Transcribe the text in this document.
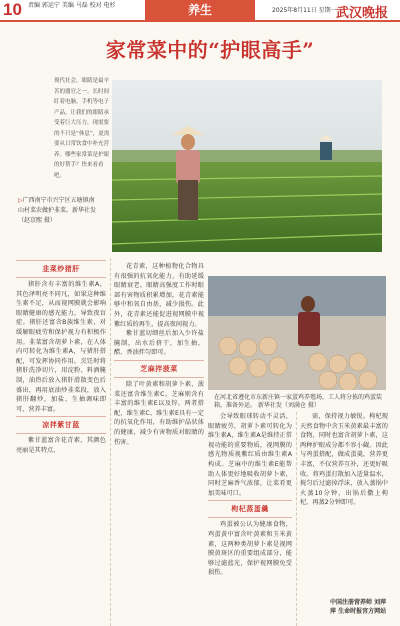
10 责编 郭运宁 美编 马磊 校对 电杉	养生	2025年8月11日 星期一 武汉晚报
家常菜中的“护眼高手”
现代社会，眼睛是最辛苦的器官之一。长时间盯着电脑、手机等电子产品，让我们的眼睛承受着巨大压力，现需要的不只是“休息”，更需要从日常饮食中补充营养。哪些家常菜是护眼的好帮手？快来看看吧。
▷广西南宁市兴宁区五塘镇南山村菜农做护韭菜。新华社发（赵京熙 摄）
韭菜炒猪肝

猪肝含有丰富的维生素A，其色泽明亮不同凡，如果这种维生素不足，从而视网膜就会影响眼睛健康的感光能力，导致夜盲症。猪肝还富含B族维生素，对缓解眼疲劳和保护视力有积极作用。韭菜富含胡萝卜素，在人体内可转化为维生素A，与猪肝搭配，可发挥协同作用。烹饪时将猪肝洗净切片，用淀粉、料酒腌制，油热后放入猪肝滑散变色后盛出，再用底油炒韭菜段，放入猪肝翻炒，加盐、生抽调味即可，营养丰富。

凉拌紫甘蓝

紫甘蓝富含花青素，其颜色亮丽是其特点，

花青素，这种植物化合物具有很强的抗氧化能力，有助延缓眼睛衰老。眼睛高强度工作时眼部有害物质积累增加，花青素能够中和氧自由基，减少损伤。此外，花青素还能促进视网膜中视紫红质的再生，提高夜间视力。

紫甘蓝切细丝后加入少许盐腌制，出水后挤干，加生抽、醋、香油拌匀即可。

芝麻拌菠菜

除了叶黄素和胡萝卜素，菠菜还富含维生素C。芝麻则含有丰富的维生素E以及锌。两者搭配，维生素C、维生素E具有一定的抗氧化作用，有助维护晶状体的健康，减少有害物质对眼睛的伤害。

在河北省遵化市东新庄镇一家蛋鸡养殖场，工人将分拣的鸡蛋装箱，准备外运。 新华社发（刘满仓 摄）

会导致眼球转动不灵活，眼睛疲劳，胡萝卜素可转化为维生素A，维生素A是维持正常视功能的重要物质，视网膜的感光物质视紫红质由维生素A构成。芝麻中的维生素E能帮助人体更好地吸收胡萝卜素，同时芝麻香气浓郁，让菜肴更加美味可口。

枸杞蒸蛋羹

鸡蛋被公认为健康食物，鸡蛋黄中富含叶黄素和玉米黄素，这两种类胡萝卜素是视网膜黄斑区的重要组成部分，能够过滤蓝光，保护视网膜免受损伤。

需，保持视力敏锐。枸杞现天然食物中含玉米黄素最丰富的食物，同时也富含胡萝卜素，这两种护眼成分都不容小觑。因此与鸡蛋搭配，做成蛋羹，营养更丰富，不仅营养互补，还更好吸收。将鸡蛋打散加入适量温水，搅匀后过滤掉浮沫，放入蒸锅中火蒸10分钟，出锅后撒上枸杞，再蒸2分钟即可。

中国注册营养师 刘萍萍 生命时报官方网站
